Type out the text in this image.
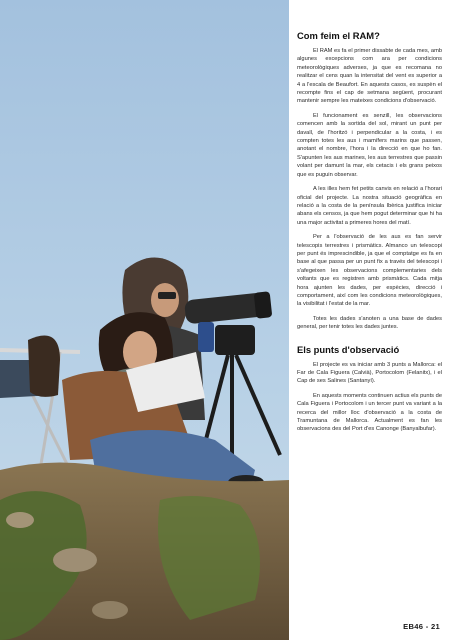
Com feim el RAM?

El RAM es fa el primer dissabte de cada mes, amb algunes excepcions com ara per condicions meteorològiques adverses, ja que es recomana no realitzar el cens quan la intensitat del vent es superior a 4 a l'escala de Beaufort. En aquests casos, es suspèn el recompte fins el cap de setmana següent, procurant mantenir sempre les mateixes condicions d'observació.

El funcionament es senzill, les observacions comencen amb la sortida del sol, mirant un punt per davall, de l'horitzó i perpendicular a la costa, i es compten totes les aus i mamífers marins que passen, anotant el nombre, l'hora i la direcció en que ho fan. S'apunten les aus marines, les aus terrestres que passin volant per damunt la mar, els cetacis i els grans peixos que es puguin observar.

A les illes hem fet petits canvis en relació a l'horari oficial del projecte. La nostra situació geogràfica en relació a la costa de la península Ibèrica justifica iniciar abans els censos, ja que hem pogut determinar que hi ha una major activitat a primeres hores del matí.

Per a l'observació de les aus es fan servir telescopis terrestres i prismàtics. Almanco un telescopi per punt és imprescindible, ja que el comptatge es fa en base al que passa per un punt fix a través del telescopi i s'afegeixen les observacions complementaries dels voltants que es registren amb prismàtics. Cada mitja hora ajunten les dades, per espècies, direcció i comportament, així com les condicions meteorològiques, la visibilitat i l'estat de la mar.

Totes les dades s'anoten a una base de dades general, per tenir totes les dades juntes.

Els punts d'observació

El projecte es va iniciar amb 3 punts a Mallorca: el Far de Cala Figuera (Calvià), Portocolom (Felanitx), i el Cap de ses Salines (Santanyí).

En aquests moments continuen actius els punts de Cala Figuera i Portocolom i un tercer punt va variant a la recerca del millor lloc d'observació a la costa de Tramuntana de Mallorca. Actualment es fan les observacions des del Port d'es Canonge (Banyalbufar).

EB46 - 21
